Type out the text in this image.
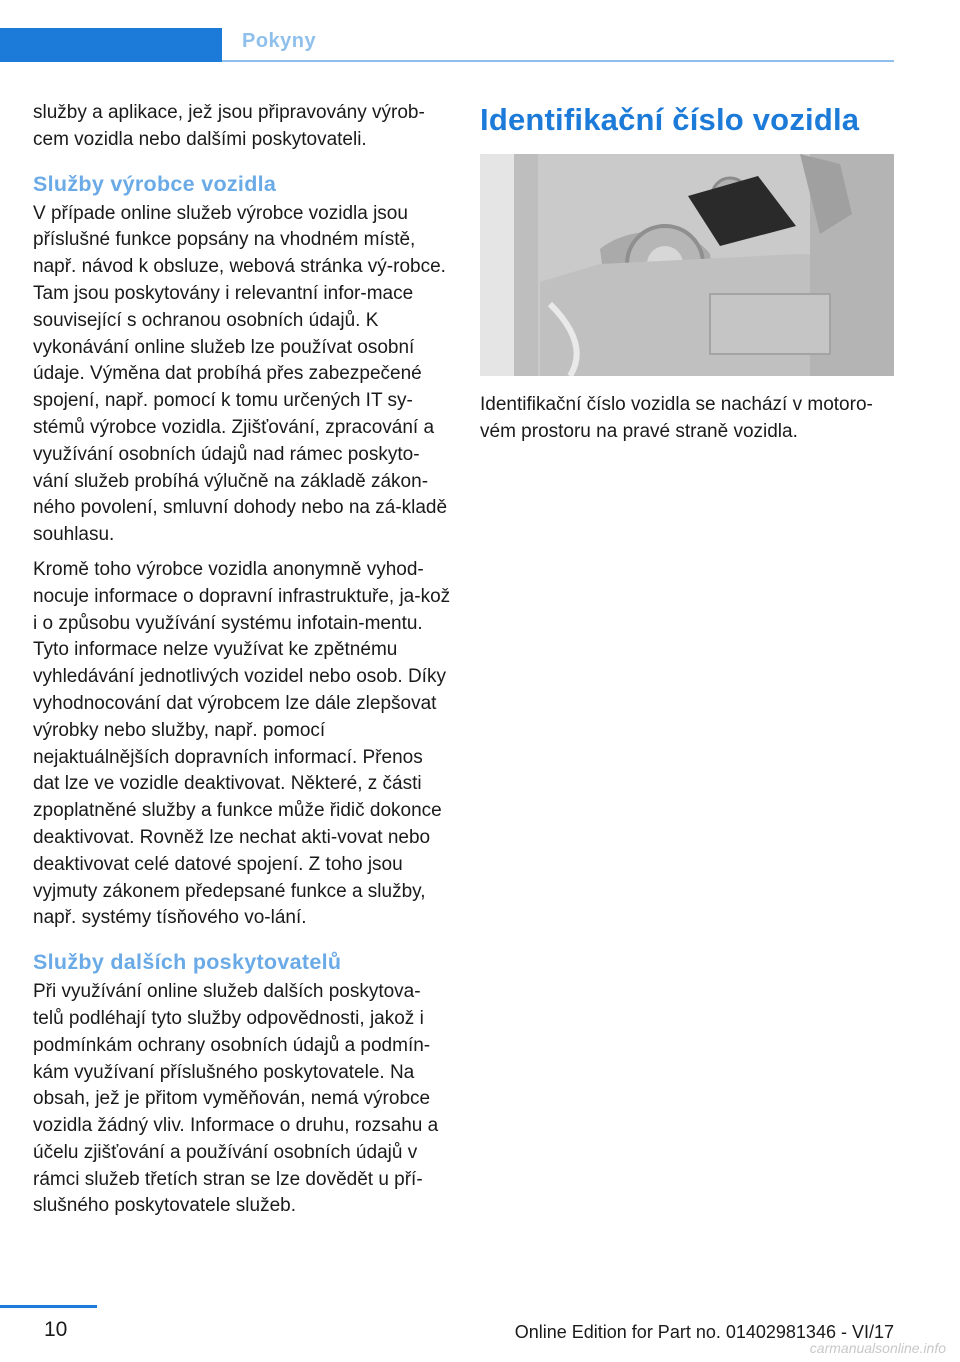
Pokyny

služby a aplikace, jež jsou připravovány výrob-cem vozidla nebo dalšími poskytovateli.

Služby výrobce vozidla

V případe online služeb výrobce vozidla jsou příslušné funkce popsány na vhodném místě, např. návod k obsluze, webová stránka vý-robce. Tam jsou poskytovány i relevantní infor-mace související s ochranou osobních údajů. K vykonávání online služeb lze používat osobní údaje. Výměna dat probíhá přes zabezpečené spojení, např. pomocí k tomu určených IT sy-stémů výrobce vozidla. Zjišťování, zpracování a využívání osobních údajů nad rámec poskyto-vání služeb probíhá výlučně na základě zákon-ného povolení, smluvní dohody nebo na zá-kladě souhlasu.

Kromě toho výrobce vozidla anonymně vyhod-nocuje informace o dopravní infrastruktuře, ja-kož i o způsobu využívání systému infotain-mentu. Tyto informace nelze využívat ke zpětnému vyhledávání jednotlivých vozidel nebo osob. Díky vyhodnocování dat výrobcem lze dále zlepšovat výrobky nebo služby, např. pomocí nejaktuálnějších dopravních informací. Přenos dat lze ve vozidle deaktivovat. Některé, z části zpoplatněné služby a funkce může řidič dokonce deaktivovat. Rovněž lze nechat akti-vovat nebo deaktivovat celé datové spojení. Z toho jsou vyjmuty zákonem předepsané funkce a služby, např. systémy tísňového vo-lání.

Služby dalších poskytovatelů

Při využívání online služeb dalších poskytova-telů podléhají tyto služby odpovědnosti, jakož i podmínkám ochrany osobních údajů a podmín-kám využívaní příslušného poskytovatele. Na obsah, jež je přitom vyměňován, nemá výrobce vozidla žádný vliv. Informace o druhu, rozsahu a účelu zjišťování a používání osobních údajů v rámci služeb třetích stran se lze dovědět u pří-slušného poskytovatele služeb.

Identifikační číslo vozidla

Identifikační číslo vozidla se nachází v motoro-vém prostoru na pravé straně vozidla.

10	Online Edition for Part no. 01402981346 - VI/17
carmanualsonline.info
